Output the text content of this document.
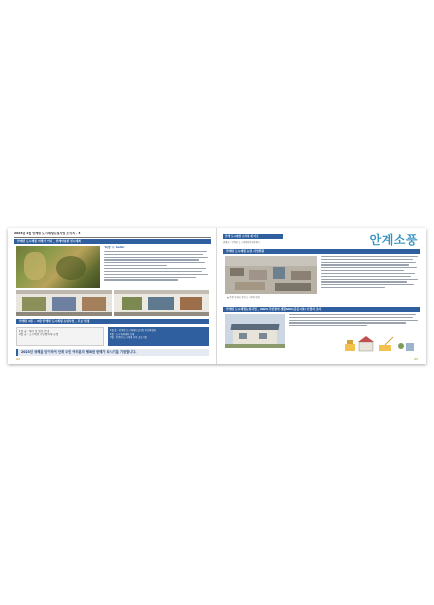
2023년 1월 안계면 도시재생뉴딜사업 소식지 - 3
안계면 도시재생 이해가 어디 _ 안계미술관 전시개최
'희망 누 hello'
안계면 1월 ~ 3월 안계면 도시재생 뉴딜사업 _ 주요 일정
1월 중 : 행사 및 일정 안내
2월 중 : 도시재생 주민협의체 운영
1월 중 : 안계면 도시재생뉴딜사업 추진위원회
2월 : 도시재생대학 운영
3월 : 안계면 도시재생 주민 공모사업
2023년 새해를 맞이하여 안계 주민 여러분의 행복한 한해가 되시기를 기원합니다.
22
안계 도시재생 소식지 제 이호
발행처 : 안계면 도시재생현장지원센터	안계소풍
안계면 도시재생 뉴딜 사업현황
▲ 안계 우체국 주변 도시재생 전경
안계면 도시재생뉴딜사업 _ 2023 주민참여 생활SOC(공공시설) 신청자 조사
23
